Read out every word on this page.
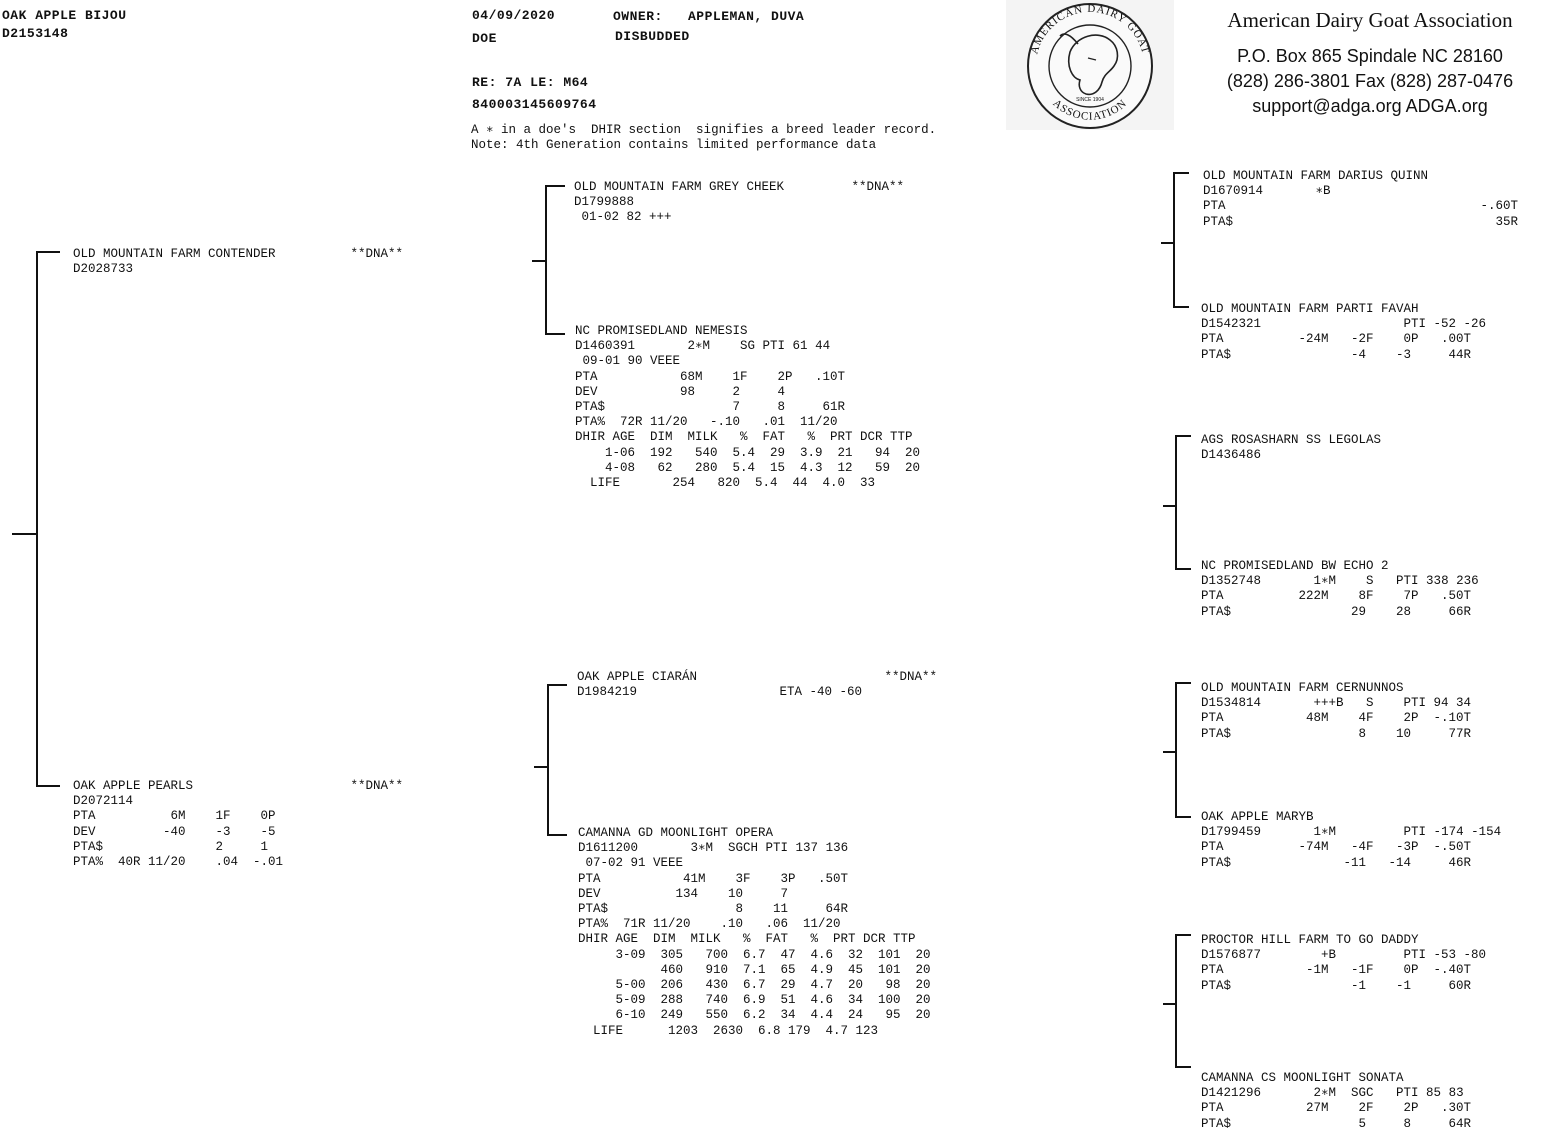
OAK APPLE BIJOU
D2153148
04/09/2020
DOE
OWNER: APPLEMAN, DUVA
DISBUDDED
RE: 7A LE: M64
840003145609764
A ∗ in a doe's  DHIR section  signifies a breed leader record.
Note: 4th Generation contains limited performance data
AMERICAN DAIRY GOAT
ASSOCIATION
SINCE 1904
American Dairy Goat Association
P.O. Box 865 Spindale NC 28160
(828) 286-3801 Fax (828) 287-0476
support@adga.org ADGA.org
OLD MOUNTAIN FARM CONTENDER          **DNA**
D2028733
OAK APPLE PEARLS                     **DNA**
D2072114
PTA          6M    1F    0P
DEV         -40    -3    -5
PTA$               2     1
PTA%  40R 11/20    .04  -.01
OLD MOUNTAIN FARM GREY CHEEK         **DNA**
D1799888
01-02 82 +++
NC PROMISEDLAND NEMESIS
D1460391       2∗M    SG PTI 61 44
09-01 90 VEEE
PTA           68M    1F    2P   .10T
DEV           98     2     4
PTA$                 7     8     61R
PTA%  72R 11/20   -.10   .01  11/20
DHIR AGE  DIM  MILK   %  FAT   %  PRT DCR TTP
1-06  192   540  5.4  29  3.9  21   94  20
4-08   62   280  5.4  15  4.3  12   59  20
LIFE       254   820  5.4  44  4.0  33
OAK APPLE CIARÁN                         **DNA**
D1984219                   ETA -40 -60
CAMANNA GD MOONLIGHT OPERA
D1611200       3∗M  SGCH PTI 137 136
07-02 91 VEEE
PTA           41M    3F    3P   .50T
DEV          134    10     7
PTA$                 8    11     64R
PTA%  71R 11/20    .10   .06  11/20
DHIR AGE  DIM  MILK   %  FAT   %  PRT DCR TTP
3-09  305   700  6.7  47  4.6  32  101  20
460   910  7.1  65  4.9  45  101  20
5-00  206   430  6.7  29  4.7  20   98  20
5-09  288   740  6.9  51  4.6  34  100  20
6-10  249   550  6.2  34  4.4  24   95  20
LIFE      1203  2630  6.8 179  4.7 123
OLD MOUNTAIN FARM DARIUS QUINN
D1670914       ∗B
PTA                                  -.60T
PTA$                                   35R
OLD MOUNTAIN FARM PARTI FAVAH
D1542321                   PTI -52 -26
PTA          -24M   -2F    0P   .00T
PTA$                -4    -3     44R
AGS ROSASHARN SS LEGOLAS
D1436486
NC PROMISEDLAND BW ECHO 2
D1352748       1∗M    S   PTI 338 236
PTA          222M    8F    7P   .50T
PTA$                29    28     66R
OLD MOUNTAIN FARM CERNUNNOS
D1534814       +++B   S    PTI 94 34
PTA           48M    4F    2P  -.10T
PTA$                 8    10     77R
OAK APPLE MARYB
D1799459       1∗M         PTI -174 -154
PTA          -74M   -4F   -3P  -.50T
PTA$               -11   -14     46R
PROCTOR HILL FARM TO GO DADDY
D1576877        +B         PTI -53 -80
PTA           -1M   -1F    0P  -.40T
PTA$                -1    -1     60R
CAMANNA CS MOONLIGHT SONATA
D1421296       2∗M  SGC   PTI 85 83
PTA           27M    2F    2P   .30T
PTA$                 5     8     64R
